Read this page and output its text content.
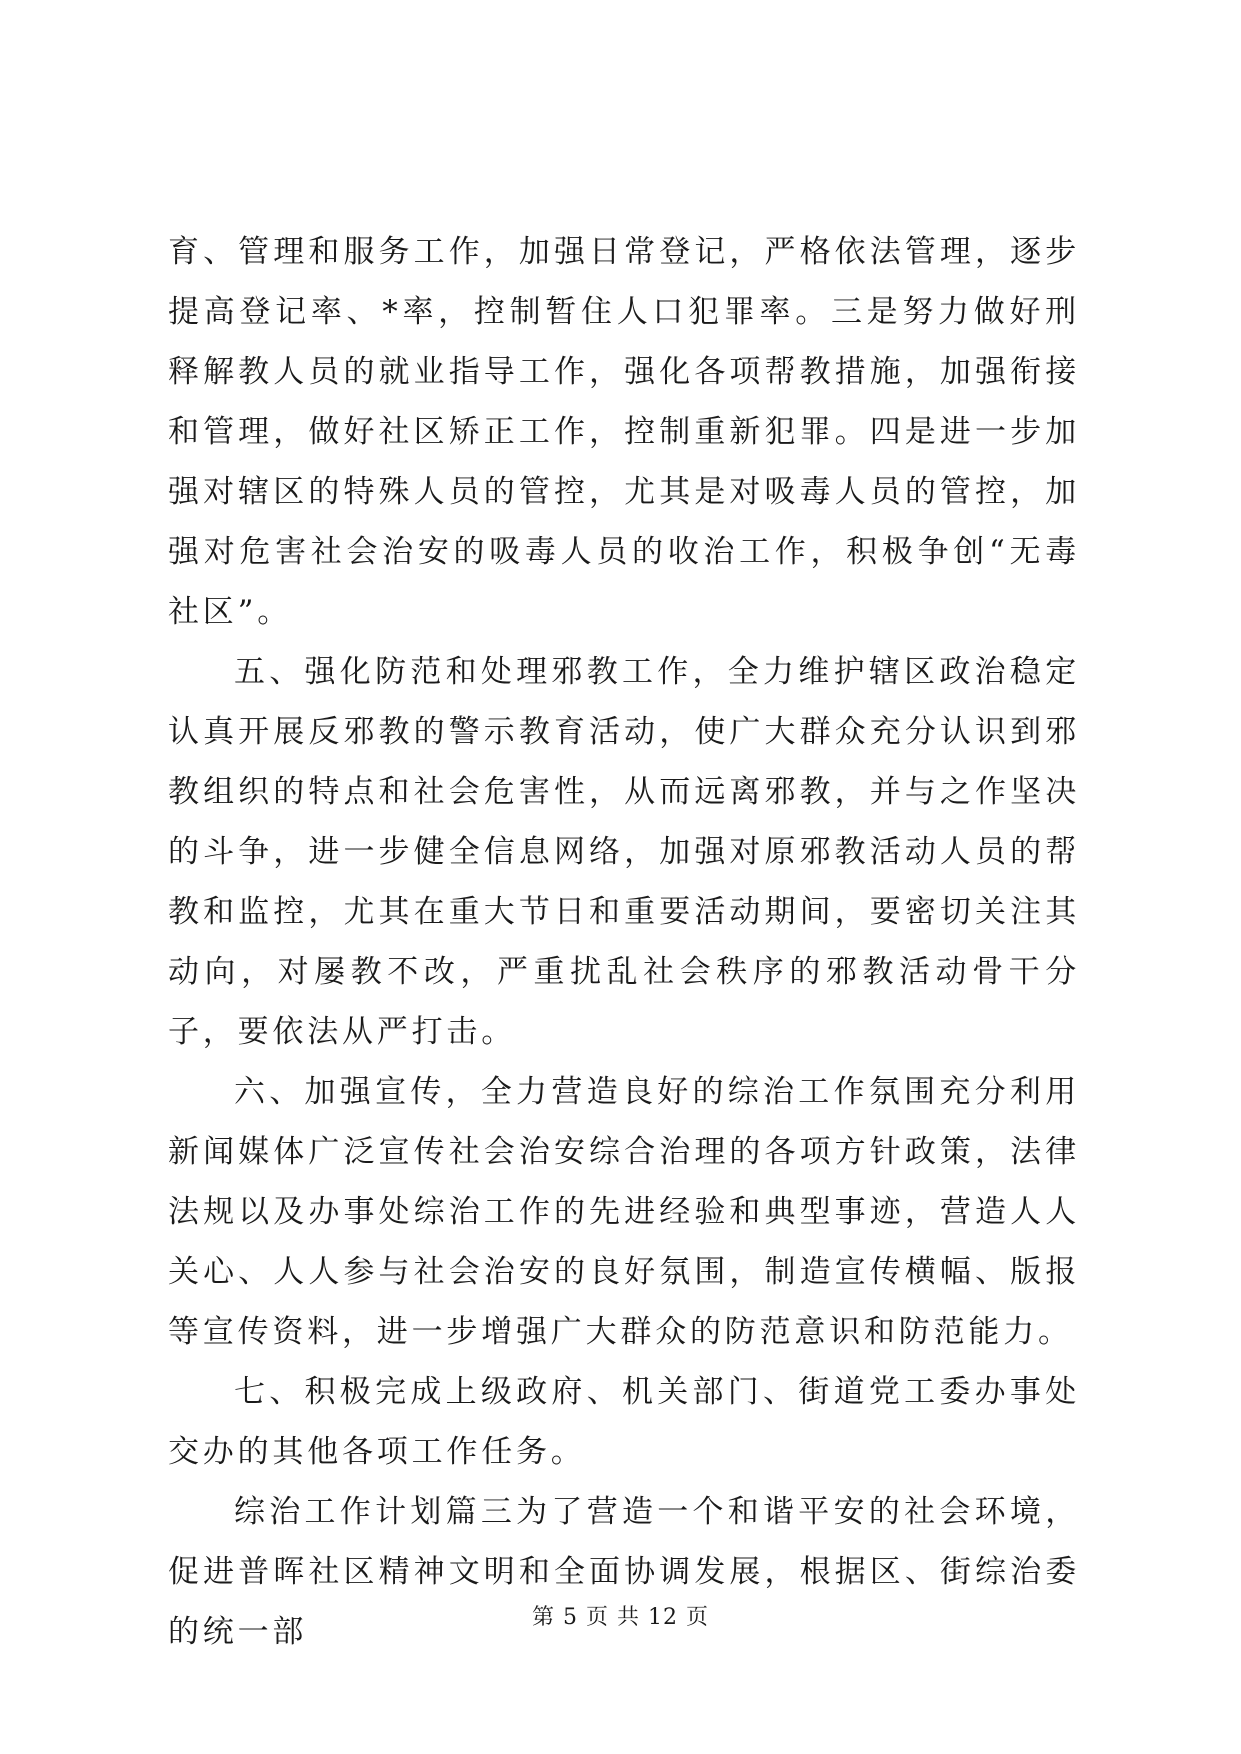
育、管理和服务工作，加强日常登记，严格依法管理，逐步提高登记率、*率，控制暂住人口犯罪率。三是努力做好刑释解教人员的就业指导工作，强化各项帮教措施，加强衔接和管理，做好社区矫正工作，控制重新犯罪。四是进一步加强对辖区的特殊人员的管控，尤其是对吸毒人员的管控，加强对危害社会治安的吸毒人员的收治工作，积极争创“无毒社区”。

五、强化防范和处理邪教工作，全力维护辖区政治稳定认真开展反邪教的警示教育活动，使广大群众充分认识到邪教组织的特点和社会危害性，从而远离邪教，并与之作坚决的斗争，进一步健全信息网络，加强对原邪教活动人员的帮教和监控，尤其在重大节日和重要活动期间，要密切关注其动向，对屡教不改，严重扰乱社会秩序的邪教活动骨干分子，要依法从严打击。

六、加强宣传，全力营造良好的综治工作氛围充分利用新闻媒体广泛宣传社会治安综合治理的各项方针政策，法律法规以及办事处综治工作的先进经验和典型事迹，营造人人关心、人人参与社会治安的良好氛围，制造宣传横幅、版报等宣传资料，进一步增强广大群众的防范意识和防范能力。

七、积极完成上级政府、机关部门、街道党工委办事处交办的其他各项工作任务。

综治工作计划篇三为了营造一个和谐平安的社会环境，促进普晖社区精神文明和全面协调发展，根据区、街综治委的统一部	第 5 页 共 12 页
